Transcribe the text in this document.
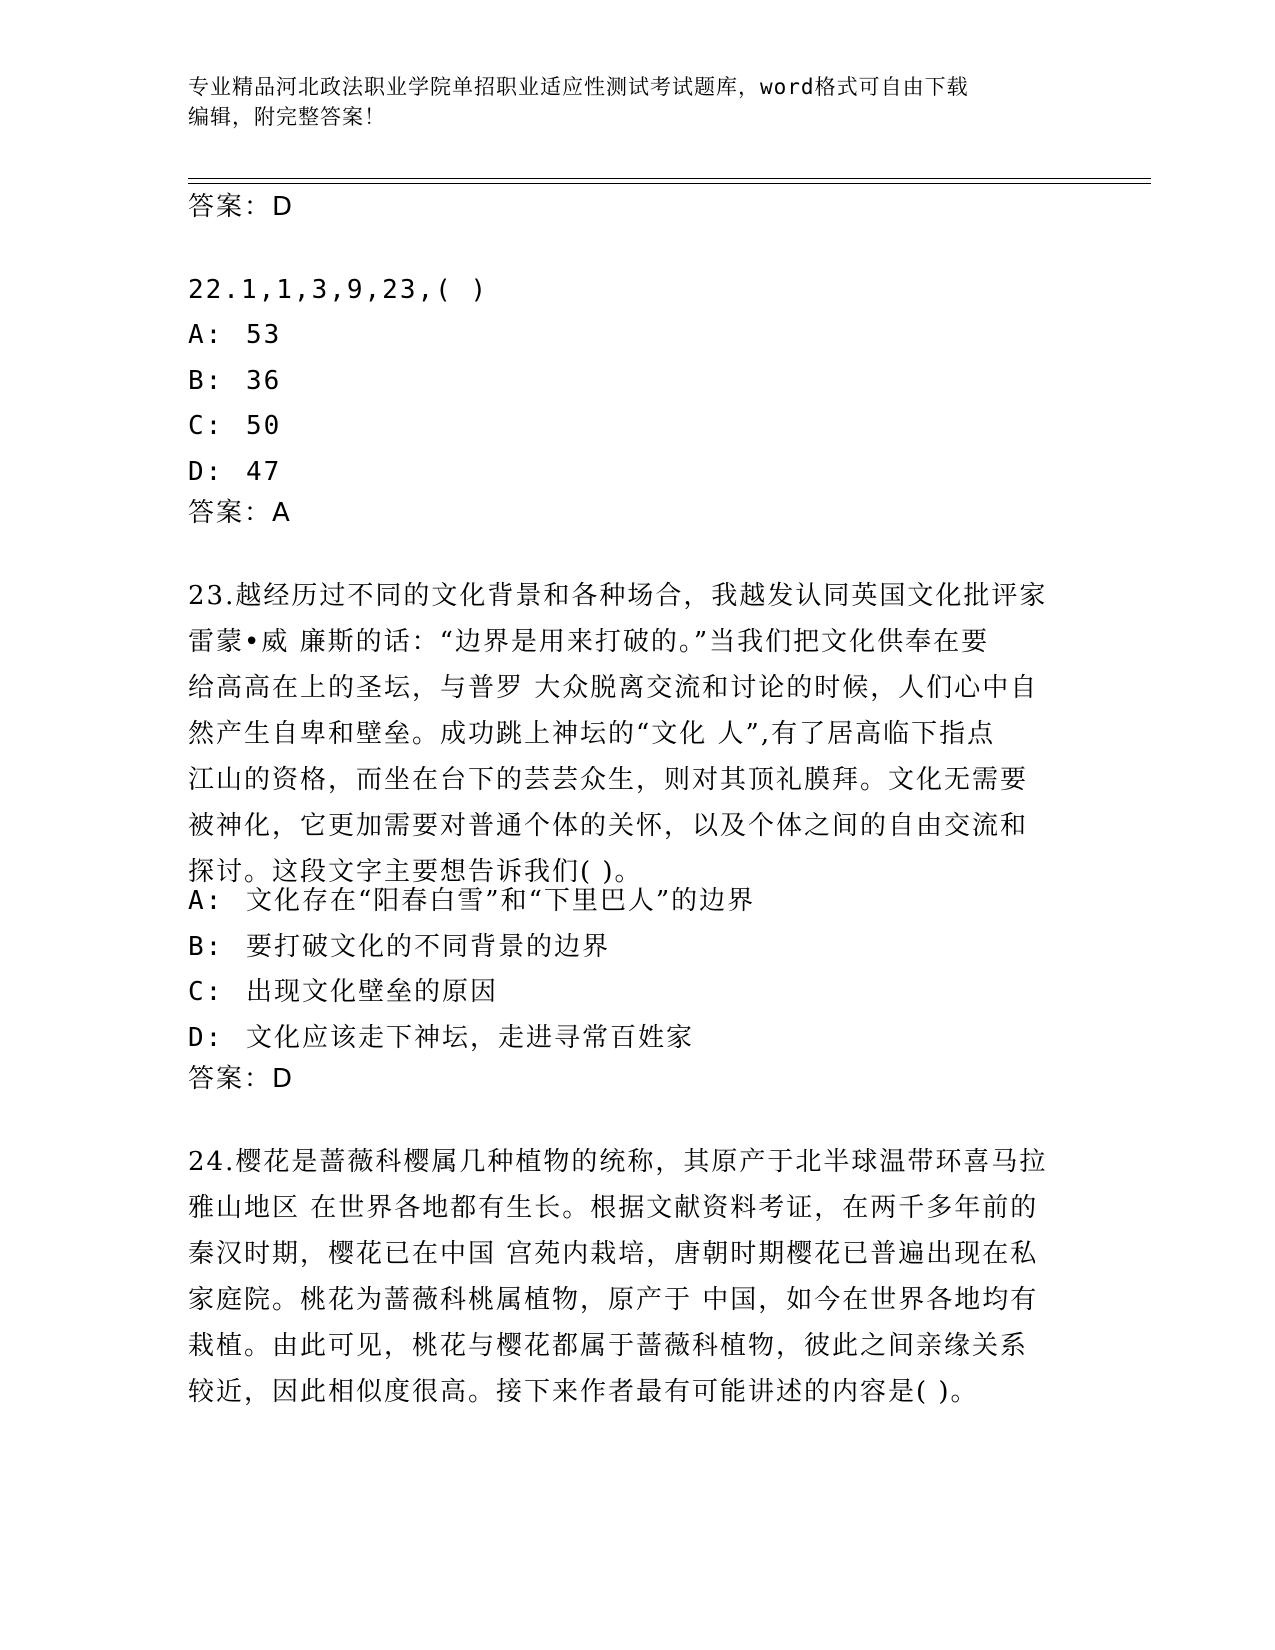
专业精品河北政法职业学院单招职业适应性测试考试题库，word格式可自由下载
编辑，附完整答案！
答案：D
22.1,1,3,9,23,( )
A: 53
B: 36
C: 50
D: 47
答案：A
23.越经历过不同的文化背景和各种场合，我越发认同英国文化批评家
雷蒙•威 廉斯的话：“边界是用来打破的。”当我们把文化供奉在要
给高高在上的圣坛，与普罗 大众脱离交流和讨论的时候，人们心中自
然产生自卑和壁垒。成功跳上神坛的“文化 人”,有了居高临下指点
江山的资格，而坐在台下的芸芸众生，则对其顶礼膜拜。文化无需要
被神化，它更加需要对普通个体的关怀，以及个体之间的自由交流和
探讨。这段文字主要想告诉我们( )。
A: 文化存在“阳春白雪”和“下里巴人”的边界
B: 要打破文化的不同背景的边界
C: 出现文化壁垒的原因
D: 文化应该走下神坛，走进寻常百姓家
答案：D
24.樱花是蔷薇科樱属几种植物的统称，其原产于北半球温带环喜马拉
雅山地区 在世界各地都有生长。根据文献资料考证，在两千多年前的
秦汉时期，樱花已在中国 宫苑内栽培，唐朝时期樱花已普遍出现在私
家庭院。桃花为蔷薇科桃属植物，原产于 中国，如今在世界各地均有
栽植。由此可见，桃花与樱花都属于蔷薇科植物，彼此之间亲缘关系
较近，因此相似度很高。接下来作者最有可能讲述的内容是( )。
